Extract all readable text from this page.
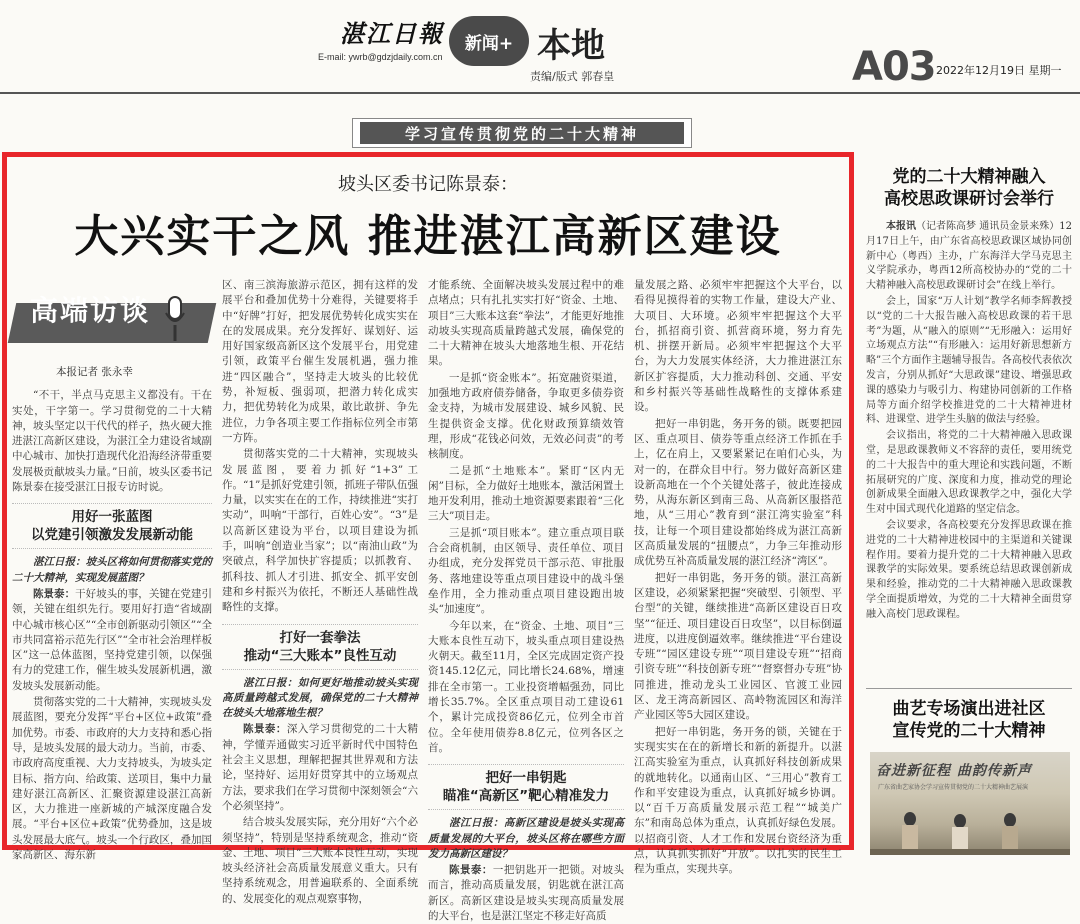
湛江日報
E-mail: ywrb@gdzjdaily.com.cn
新闻+ 本地
责编/版式 郭春皇	A03 2022年12月19日 星期一
学习宣传贯彻党的二十大精神
坡头区委书记陈景泰：
大兴实干之风 推进湛江高新区建设
高端访谈
本报记者 张永幸

“不干，半点马克思主义都没有。干在实处，干字第一。学习贯彻党的二十大精神，坡头坚定以干代代的样子，热火硬大推进湛江高新区建设，为湛江全力建设省域副中心城市、加快打造现代化沿海经济带重要发展极贡献坡头力量。”日前，坡头区委书记陈景泰在接受湛江日报专访时说。

用好一张蓝图
以党建引领激发发展新动能

湛江日报：坡头区将如何贯彻落实党的二十大精神，实现发展蓝图？

陈景泰：干好坡头的事，关键在党建引领，关键在组织先行。要用好打造“省域副中心城市核心区”“全市创新驱动引领区”“全市共同富裕示范先行区”“全市社会治理样板区”这一总体蓝图，坚持党建引领，以保强有力的党建工作，催生坡头发展新机遇，激发坡头发展新动能。

贯彻落实党的二十大精神，实现坡头发展蓝图，要充分发挥“平台+区位+政策”叠加优势。市委、市政府的大力支持和悉心指导，是坡头发展的最大动力。当前，市委、市政府高度重视、大力支持坡头，为坡头定目标、指方向、给政策、送项目，集中力量建好湛江高新区、汇聚资源建设湛江高新区，大力推进一座新城的产城深度融合发展。“平台+区位+政策”优势叠加，这是坡头发展最大底气。坡头一个行政区，叠加国家高新区、海东新

区、南三滨海旅游示范区，拥有这样的发展平台和叠加优势十分难得，关键要将手中“好牌”打好，把发展优势转化成实实在在的发展成果。充分发挥好、谋划好、运用好国家级高新区这个发展平台，用党建引领，政策平台催生发展机遇，强力推进“四区融合”，坚持走大坡头的比较优势，补短板、强弱项，把潜力转化成实力，把优势转化为成果，敢比敢拼、争先进位，力争各项主要工作指标位列全市第一方阵。

贯彻落实党的二十大精神，实现坡头发展蓝图，要着力抓好“1+3”工作。“1”是抓好党建引领，抓班子带队伍强力量，以实实在在的工作，持续推进“实打实动”，叫响“干部行，百姓心安”。“3”是以高新区建设为平台，以项目建设为抓手，叫响“创造业当家”；以“南油山政”为突破点，科学加快扩容提质；以抓教育、抓科技、抓人才引进、抓安全、抓平安创建和乡村振兴为依托，不断还人基础性战略性的支撑。

打好一套拳法
推动“三大账本”良性互动

湛江日报：如何更好地推动坡头实现高质量跨越式发展，确保党的二十大精神在坡头大地落地生根？

陈景泰：深入学习贯彻党的二十大精神，学懂弄通做实习近平新时代中国特色社会主义思想，理解把握其世界观和方法论，坚持好、运用好贯穿其中的立场观点方法，要求我们在学习贯彻中深刻领会“六个必须坚持”。

结合坡头发展实际，充分用好“六个必须坚持”，特别是坚持系统观念，推动“资金、土地、项目”三大账本良性互动，实现坡头经济社会高质量发展意义重大。只有坚持系统观念，用普遍联系的、全面系统的、发展变化的观点观察事物，

才能系统、全面解决坡头发展过程中的难点堵点；只有扎扎实实打好“资金、土地、项目”三大账本这套“拳法”，才能更好地推动坡头实现高质量跨越式发展，确保党的二十大精神在坡头大地落地生根、开花结果。

一是抓“资金账本”。拓宽融资渠道，加强地方政府债券储备，争取更多债券资金支持，为城市发展建设、城乡风貌、民生提供资金支撑。优化财政预算绩效管理，形成“花钱必问效，无效必问责”的考核制度。

二是抓“土地账本”。紧盯“区内无闲”目标，全力做好土地账本，激活闲置土地开发利用，推动土地资源要素跟着“三化三大”项目走。

三是抓“项目账本”。建立重点项目联合会商机制，由区领导、责任单位、项目办组成，充分发挥党员干部示范、审批服务、落地建设等重点项目建设中的战斗堡垒作用，全力推动重点项目建设跑出坡头“加速度”。

今年以来，在“资金、土地、项目”三大账本良性互动下，坡头重点项目建设热火朝天。截至11月，全区完成固定资产投资145.12亿元，同比增长24.68%，增速排在全市第一。工业投资增幅强劲，同比增长35.7%。全区重点项目动工建设61个，累计完成投资86亿元，位列全市首位。全年使用债券8.8亿元，位列各区之首。

把好一串钥匙
瞄准“高新区”靶心精准发力

湛江日报：高新区建设是坡头实现高质量发展的大平台，坡头区将在哪些方面发力高新区建设？

陈景泰：一把钥匙开一把锁。对坡头而言，推动高质量发展，钥匙就在湛江高新区。高新区建设是坡头实现高质量发展的大平台，也是湛江坚定不移走好高质

量发展之路、必须牢牢把握这个大平台，以看得见摸得着的实物工作量，建设大产业、大项目、大环境。必须牢牢把握这个大平台，抓招商引资、抓营商环境，努力育先机、拼摆开新局。必须牢牢把握这个大平台，为大力发展实体经济，大力推进湛江东新区扩容提质，大力推动科创、交通、平安和乡村振兴等基础性战略性的支撑体系建设。

把好一串钥匙，务开务的锁。既要把园区、重点项目、债券等重点经济工作抓在手上，亿在肩上，又要紧紧记在咱们心头，为对一的，在群众目中行。努力做好高新区建设新高地在一个个关键处落子，彼此连接成势，从海东新区到南三岛、从高新区服搭范地，从“三用心”教育到“湛江湾实验室”科技，让每一个项目建设都始终成为湛江高新区高质量发展的“扭腰点”，力争三年推动形成优势互补高质量发展的湛江经济“湾区”。

把好一串钥匙，务开务的锁。湛江高新区建设，必须紧紧把握“突破型、引领型、平台型”的关键，继续推进“高新区建设百日攻坚”“征迁、项目建设百日攻坚”，以目标倒逼进度，以进度倒逼效率。继续推进“平台建设专班”“园区建设专班”“项目建设专班”“招商引资专班”“科技创新专班”“督察督办专班”协同推进，推动龙头工业园区、官渡工业园区、龙王湾高新园区、高岭物流园区和海洋产业园区等5大园区建设。

把好一串钥匙，务开务的锁，关键在于实现实实在在的新增长和新的新提升。以湛江高实验室为重点，认真抓好科技创新成果的就地转化。以通南山区、“三用心”教育工作和平安建设为重点，认真抓好城乡协调。以“百千万高质量发展示范工程”“城美广东”和南岛总体为重点，认真抓好绿色发展。以招商引资、人才工作和发展台资经济为重点，认真抓实抓好“开放”。以扎实的民生工程为重点，实现共享。

党的二十大精神融入
高校思政课研讨会举行

本报讯（记者陈高梦 通讯员金景来殊）12月17日上午，由广东省高校思政课区域协同创新中心（粤西）主办，广东海洋大学马克思主义学院承办，粤西12所高校协办的“党的二十大精神融入高校思政课研讨会”在线上举行。

会上，国家“万人计划”教学名师李辉教授以“党的二十大报告融入高校思政课的若干思考”为题，从“融入的原则”“无形融入：运用好立场观点方法”“有形融入：运用好新思想新方略”三个方面作主题辅导报告。各高校代表依次发言，分别从抓好“大思政课”建设、增强思政课的感染力与吸引力、构建协同创新的工作格局等方面介绍学校推进党的二十大精神进材料、进课堂、进学生头脑的做法与经验。

会议指出，将党的二十大精神融入思政课堂，是思政课教师义不容辞的责任，要用统党的二十大报告中的重大理论和实践问题，不断拓展研究的广度、深度和力度，推动党的理论创新成果全面融入思政课教学之中，强化大学生对中国式现代化道路的坚定信念。

会议要求，各高校要充分发挥思政课在推进党的二十大精神进校园中的主渠道和关键课程作用。要着力提升党的二十大精神融入思政课教学的实际效果。要系统总结思政课创新成果和经验，推动党的二十大精神融入思政课教学全面提质增效，为党的二十大精神全面贯穿融入高校门思政课程。

曲艺专场演出进社区
宣传党的二十大精神
奋进新征程 曲韵传新声
广东省曲艺家协会学习宣传贯彻党的二十大精神曲艺展演
